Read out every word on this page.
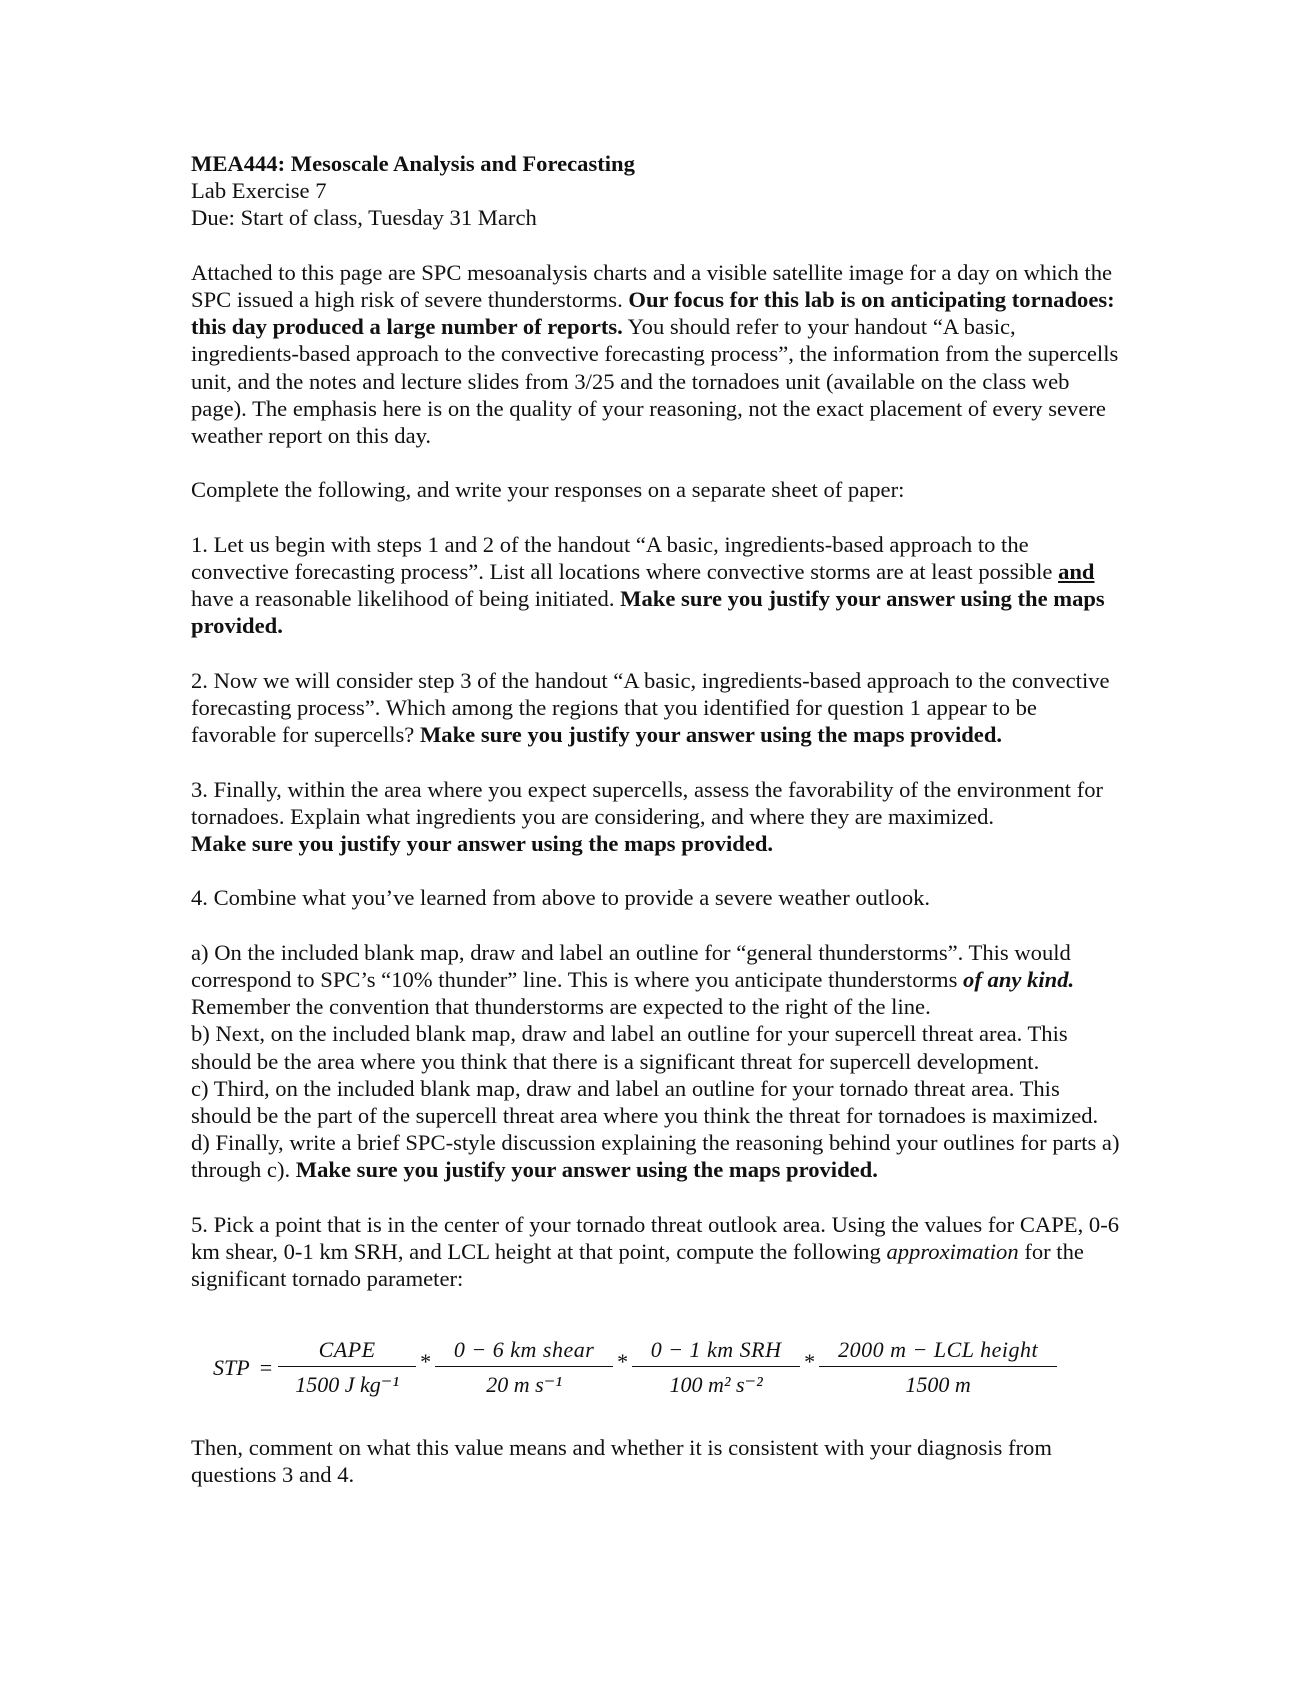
MEA444: Mesoscale Analysis and Forecasting

Lab Exercise 7

Due: Start of class, Tuesday 31 March

Attached to this page are SPC mesoanalysis charts and a visible satellite image for a day on which the SPC issued a high risk of severe thunderstorms. Our focus for this lab is on anticipating tornadoes: this day produced a large number of reports. You should refer to your handout “A basic, ingredients-based approach to the convective forecasting process”, the information from the supercells unit, and the notes and lecture slides from 3/25 and the tornadoes unit (available on the class web page). The emphasis here is on the quality of your reasoning, not the exact placement of every severe weather report on this day.

Complete the following, and write your responses on a separate sheet of paper:

1. Let us begin with steps 1 and 2 of the handout “A basic, ingredients-based approach to the convective forecasting process”. List all locations where convective storms are at least possible and have a reasonable likelihood of being initiated. Make sure you justify your answer using the maps provided.

2. Now we will consider step 3 of the handout “A basic, ingredients-based approach to the convective forecasting process”. Which among the regions that you identified for question 1 appear to be favorable for supercells? Make sure you justify your answer using the maps provided.

3. Finally, within the area where you expect supercells, assess the favorability of the environment for tornadoes. Explain what ingredients you are considering, and where they are maximized.
Make sure you justify your answer using the maps provided.

4. Combine what you’ve learned from above to provide a severe weather outlook.

a) On the included blank map, draw and label an outline for “general thunderstorms”. This would correspond to SPC’s “10% thunder” line. This is where you anticipate thunderstorms of any kind. Remember the convention that thunderstorms are expected to the right of the line.
b) Next, on the included blank map, draw and label an outline for your supercell threat area. This should be the area where you think that there is a significant threat for supercell development.
c) Third, on the included blank map, draw and label an outline for your tornado threat area. This should be the part of the supercell threat area where you think the threat for tornadoes is maximized.
d) Finally, write a brief SPC-style discussion explaining the reasoning behind your outlines for parts a) through c). Make sure you justify your answer using the maps provided.

5. Pick a point that is in the center of your tornado threat outlook area. Using the values for CAPE, 0-6 km shear, 0-1 km SRH, and LCL height at that point, compute the following approximation for the significant tornado parameter:

STP = $\frac{\text{CAPE}}{\text{1500 J kg⁻¹}} * \frac{\text{0 − 6 km shear}}{\text{20 m s⁻¹}} * \frac{\text{0 − 1 km SRH}}{\text{100 m² s⁻²}} * \frac{\text{2000 m − LCL height}}{1500 m}$

Then, comment on what this value means and whether it is consistent with your diagnosis from questions 3 and 4.
